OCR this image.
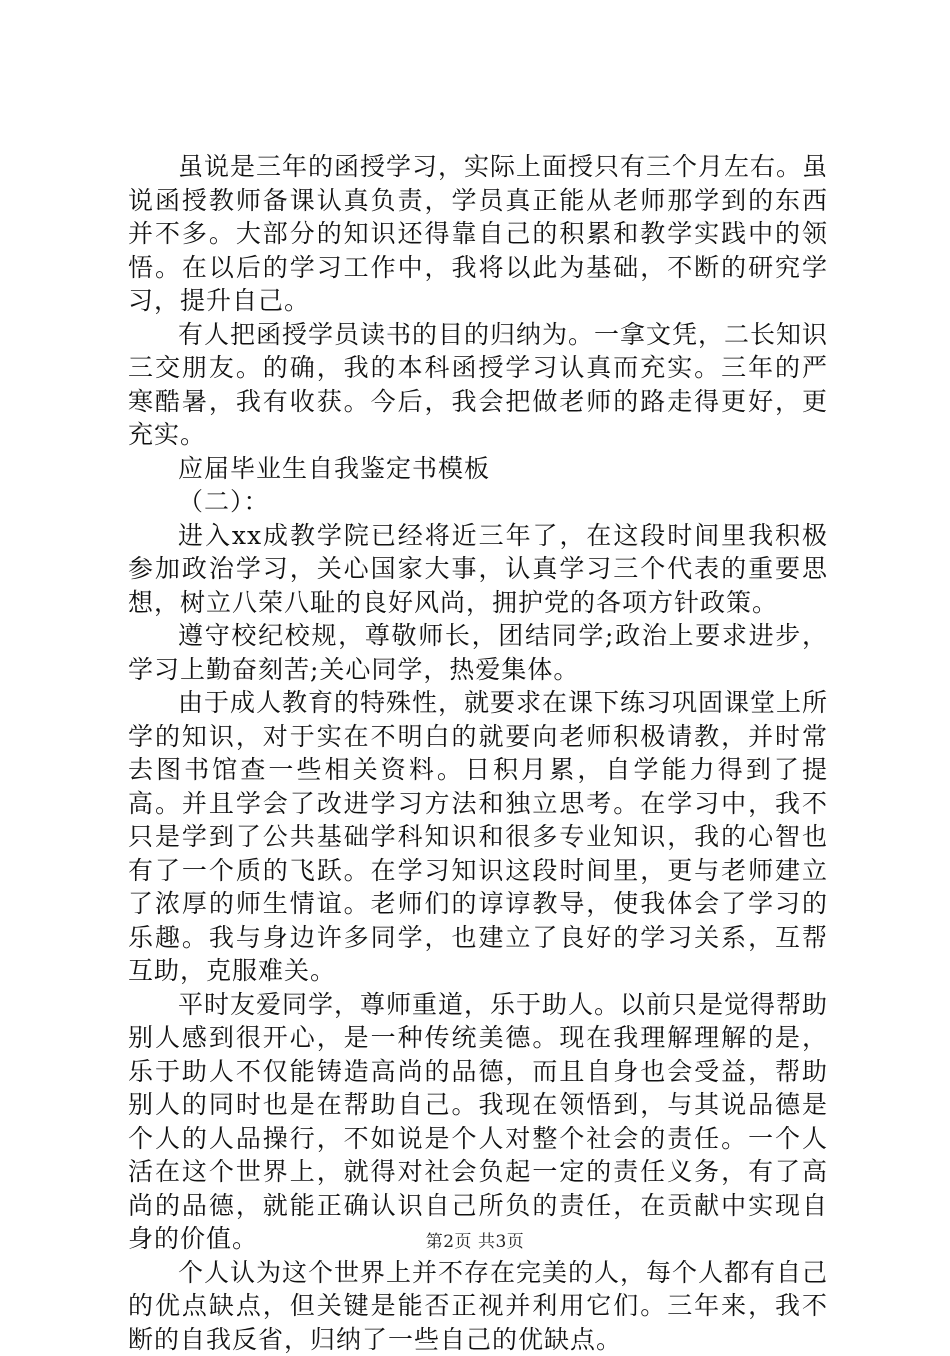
虽说是三年的函授学习，实际上面授只有三个月左右。虽说函授教师备课认真负责，学员真正能从老师那学到的东西并不多。大部分的知识还得靠自己的积累和教学实践中的领悟。在以后的学习工作中，我将以此为基础，不断的研究学习，提升自己。

有人把函授学员读书的目的归纳为。一拿文凭，二长知识三交朋友。的确，我的本科函授学习认真而充实。三年的严寒酷暑，我有收获。今后，我会把做老师的路走得更好，更充实。

应届毕业生自我鉴定书模板

（二）：

进入xx成教学院已经将近三年了，在这段时间里我积极参加政治学习，关心国家大事，认真学习三个代表的重要思想，树立八荣八耻的良好风尚，拥护党的各项方针政策。

遵守校纪校规，尊敬师长，团结同学;政治上要求进步，学习上勤奋刻苦;关心同学，热爱集体。

由于成人教育的特殊性，就要求在课下练习巩固课堂上所学的知识，对于实在不明白的就要向老师积极请教，并时常去图书馆查一些相关资料。日积月累，自学能力得到了提高。并且学会了改进学习方法和独立思考。在学习中，我不只是学到了公共基础学科知识和很多专业知识，我的心智也有了一个质的飞跃。在学习知识这段时间里，更与老师建立了浓厚的师生情谊。老师们的谆谆教导，使我体会了学习的乐趣。我与身边许多同学，也建立了良好的学习关系，互帮互助，克服难关。

平时友爱同学，尊师重道，乐于助人。以前只是觉得帮助别人感到很开心，是一种传统美德。现在我理解理解的是，乐于助人不仅能铸造高尚的品德，而且自身也会受益，帮助别人的同时也是在帮助自己。我现在领悟到，与其说品德是个人的人品操行，不如说是个人对整个社会的责任。一个人活在这个世界上，就得对社会负起一定的责任义务，有了高尚的品德，就能正确认识自己所负的责任，在贡献中实现自身的价值。

个人认为这个世界上并不存在完美的人，每个人都有自己的优点缺点，但关键是能否正视并利用它们。三年来，我不断的自我反省，归纳了一些自己的优缺点。

第2页 共3页
